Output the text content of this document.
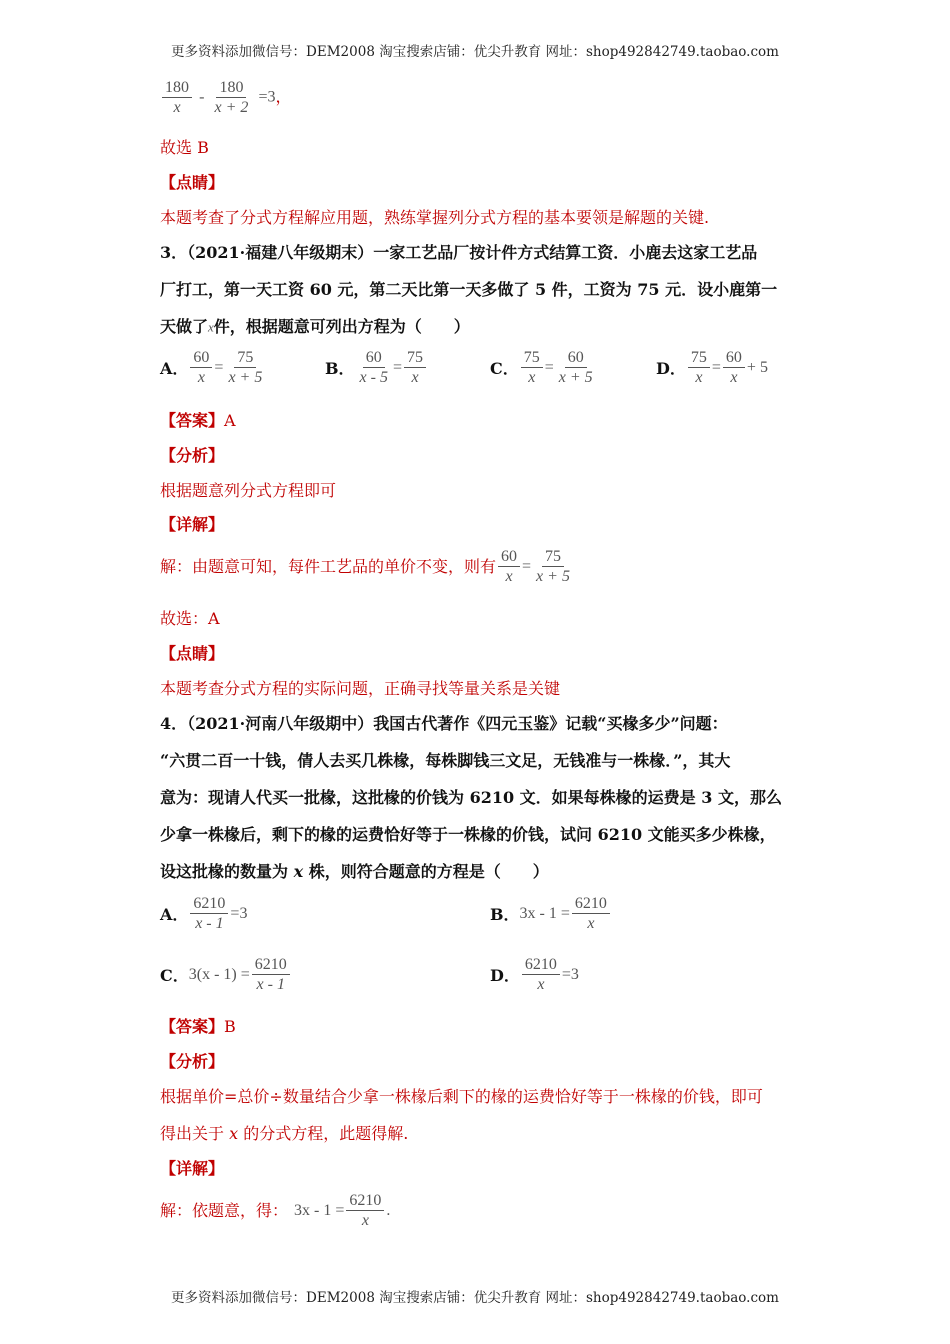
更多资料添加微信号：DEM2008 淘宝搜索店铺：优尖升教育 网址：shop492842749.taobao.com
$\frac{180}{x} - \frac{180}{x + 2} =3$，
故选 B
【点睛】
本题考查了分式方程解应用题，熟练掌握列分式方程的基本要领是解题的关键.
3．（2021·福建八年级期末）一家工艺品厂按计件方式结算工资．小鹿去这家工艺品
厂打工，第一天工资 60 元，第二天比第一天多做了 5 件，工资为 75 元．设小鹿第一
天做了x件，根据题意可列出方程为（　　）
A． $\frac{60}{x} = \frac{75}{x + 5}$	B． $\frac{60}{x - 5} = \frac{75}{x}$	C． $\frac{75}{x} = \frac{60}{x + 5}$	D． $\frac{75}{x} = \frac{60}{x} + 5$
【答案】A
【分析】
根据题意列分式方程即可
【详解】
解：由题意可知，每件工艺品的单价不变，则有 $\frac{60}{x} = \frac{75}{x + 5}$
故选：A
【点睛】
本题考查分式方程的实际问题，正确寻找等量关系是关键
4．（2021·河南八年级期中）我国古代著作《四元玉鉴》记载“买椽多少”问题：
“六贯二百一十钱，倩人去买几株椽，每株脚钱三文足，无钱准与一株椽．”，其大
意为：现请人代买一批椽，这批椽的价钱为 6210 文．如果每株椽的运费是 3 文，那么
少拿一株椽后，剩下的椽的运费恰好等于一株椽的价钱，试问 6210 文能买多少株椽，
设这批椽的数量为 x 株，则符合题意的方程是（　　）
A． $\frac{6210}{x - 1} =3$	B． $3x - 1 = \frac{6210}{x}$
C． $3(x - 1) = \frac{6210}{x - 1}$	D． $\frac{6210}{x} =3$
【答案】B
【分析】
根据单价=总价÷数量结合少拿一株椽后剩下的椽的运费恰好等于一株椽的价钱，即可
得出关于 x 的分式方程，此题得解.
【详解】
解：依题意，得： $3x - 1 = \frac{6210}{x}$ .
更多资料添加微信号：DEM2008 淘宝搜索店铺：优尖升教育 网址：shop492842749.taobao.com
